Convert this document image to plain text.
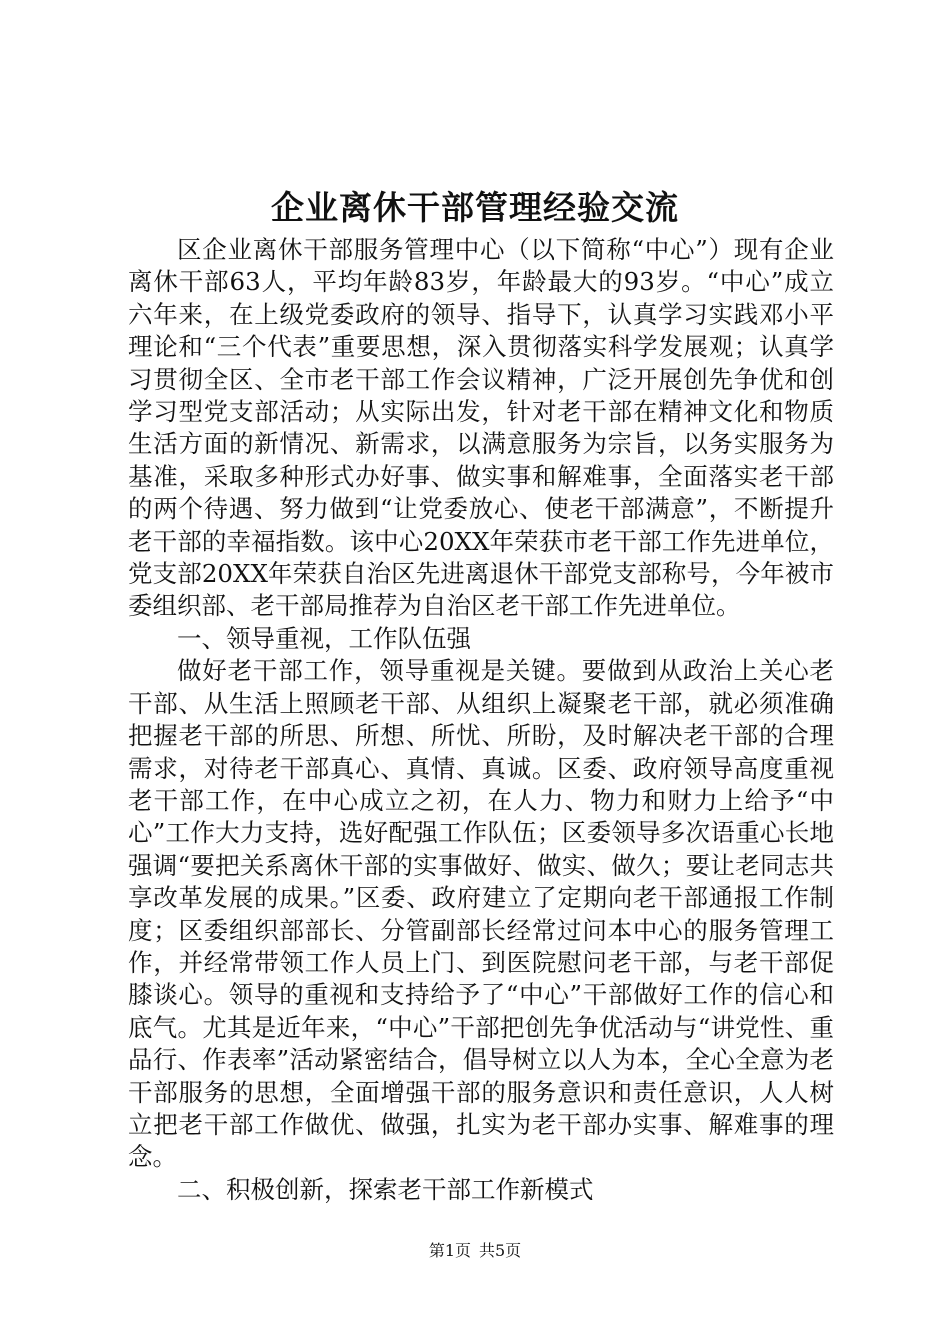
企业离休干部管理经验交流

区企业离休干部服务管理中心（以下简称“中心”）现有企业离休干部63人，平均年龄83岁，年龄最大的93岁。“中心”成立六年来，在上级党委政府的领导、指导下，认真学习实践邓小平理论和“三个代表”重要思想，深入贯彻落实科学发展观；认真学习贯彻全区、全市老干部工作会议精神，广泛开展创先争优和创学习型党支部活动；从实际出发，针对老干部在精神文化和物质生活方面的新情况、新需求，以满意服务为宗旨，以务实服务为基准，采取多种形式办好事、做实事和解难事，全面落实老干部的两个待遇、努力做到“让党委放心、使老干部满意”，不断提升老干部的幸福指数。该中心20XX年荣获市老干部工作先进单位，党支部20XX年荣获自治区先进离退休干部党支部称号，今年被市委组织部、老干部局推荐为自治区老干部工作先进单位。

一、领导重视，工作队伍强

做好老干部工作，领导重视是关键。要做到从政治上关心老干部、从生活上照顾老干部、从组织上凝聚老干部，就必须准确把握老干部的所思、所想、所忧、所盼，及时解决老干部的合理需求，对待老干部真心、真情、真诚。区委、政府领导高度重视老干部工作，在中心成立之初，在人力、物力和财力上给予“中心”工作大力支持，选好配强工作队伍；区委领导多次语重心长地强调“要把关系离休干部的实事做好、做实、做久；要让老同志共享改革发展的成果。”区委、政府建立了定期向老干部通报工作制度；区委组织部部长、分管副部长经常过问本中心的服务管理工作，并经常带领工作人员上门、到医院慰问老干部，与老干部促膝谈心。领导的重视和支持给予了“中心”干部做好工作的信心和底气。尤其是近年来，“中心”干部把创先争优活动与“讲党性、重品行、作表率”活动紧密结合，倡导树立以人为本，全心全意为老干部服务的思想，全面增强干部的服务意识和责任意识，人人树立把老干部工作做优、做强，扎实为老干部办实事、解难事的理念。

二、积极创新，探索老干部工作新模式

第1页 共5页
